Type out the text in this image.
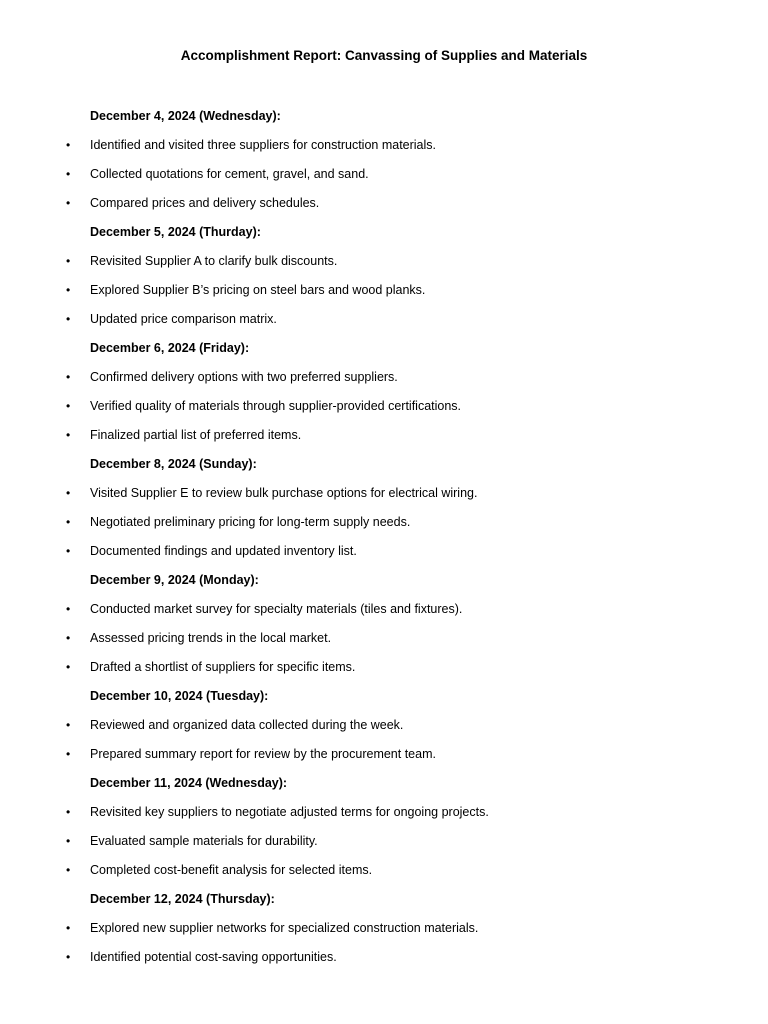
Accomplishment Report: Canvassing of Supplies and Materials
December 4, 2024 (Wednesday):
• Identified and visited three suppliers for construction materials.
• Collected quotations for cement, gravel, and sand.
• Compared prices and delivery schedules.
December 5, 2024 (Thurday):
• Revisited Supplier A to clarify bulk discounts.
• Explored Supplier B’s pricing on steel bars and wood planks.
• Updated price comparison matrix.
December 6, 2024 (Friday):
• Confirmed delivery options with two preferred suppliers.
• Verified quality of materials through supplier-provided certifications.
• Finalized partial list of preferred items.
December 8, 2024 (Sunday):
• Visited Supplier E to review bulk purchase options for electrical wiring.
• Negotiated preliminary pricing for long-term supply needs.
• Documented findings and updated inventory list.
December 9, 2024 (Monday):
• Conducted market survey for specialty materials (tiles and fixtures).
• Assessed pricing trends in the local market.
• Drafted a shortlist of suppliers for specific items.
December 10, 2024 (Tuesday):
• Reviewed and organized data collected during the week.
• Prepared summary report for review by the procurement team.
December 11, 2024 (Wednesday):
• Revisited key suppliers to negotiate adjusted terms for ongoing projects.
• Evaluated sample materials for durability.
• Completed cost-benefit analysis for selected items.
December 12, 2024 (Thursday):
• Explored new supplier networks for specialized construction materials.
• Identified potential cost-saving opportunities.
